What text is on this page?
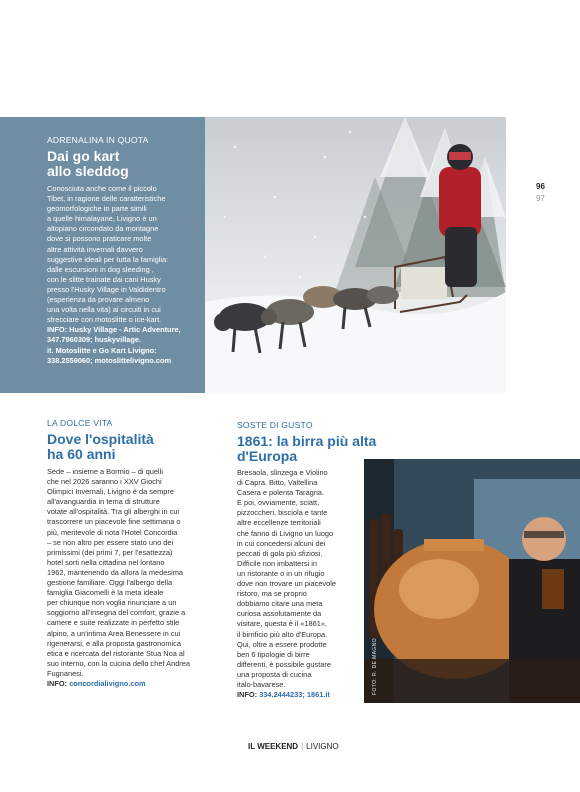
ADRENALINA IN QUOTA
Dai go kart
allo sleddog
Conosciuta anche come il piccolo
Tibet, in ragione delle caratteristiche
geomorfologiche in parte simili
a quelle himalayane, Livigno è un
altopiano circondato da montagne
dove si possono praticare molte
altre attività invernali davvero
suggestive ideali per tutta la famiglia:
dalle escursioni in dog sleeding ,
con le slitte trainate dai cani Husky
presso l'Husky Village in Valdidentro
(esperienza da provare almeno
una volta nella vita) ai circuiti in cui
sfrecciare con motoslitte o ice-kart.
INFO: Husky Village - Artic Adventure,
347.7960309; huskyvillage.
it. Motoslitte e Go Kart Livigno:
338.2559060; motoslittelivigno.com
96
97
LA DOLCE VITA
Dove l'ospitalità
ha 60 anni
Sede – insieme a Bormio – di quelli
che nel 2026 saranno i XXV Giochi
Olimpici Invernali, Livigno è da sempre
all'avanguardia in tema di strutture
votate all'ospitalità. Tra gli alberghi in cui
trascorrere un piacevole fine settimana o
più, meritevole di nota l'Hotel Concordia
– se non altro per essere stato uno dei
primissimi (dei primi 7, per l'esattezza)
hotel sorti nella cittadina nel lontano
1962, mantenendo da allora la medesima
gestione familiare. Oggi l'albergo della
famiglia Giacomelli è la meta ideale
per chiunque non voglia rinunciare a un
soggiorno all'insegna del comfort, grazie a
camere e suite realizzate in perfetto stile
alpino, a un'intima Area Benessere in cui
rigenerarsi, e alla proposta gastronomica
etica e ricercata del ristorante Stua Noa al
suo interno, con la cucina dello chef Andrea
Fugnanesi.
INFO: concordialivigno.com
SOSTE DI GUSTO
1861: la birra più alta d'Europa
Bresaola, slinzega e Violino
di Capra. Bitto, Valtellina
Casera e polenta Taragna.
E poi, ovviamente, sciatt,
pizzoccheri, bisciola e tante
altre eccellenze territoriali
che fanno di Livigno un luogo
in cui concedersi alcuni dei
peccati di gola più sfiziosi.
Difficile non imbattersi in
un ristorante o in un rifugio
dove non trovare un piacevole
ristoro, ma se proprio
dobbiamo citare una meta
curiosa assolutamente da
visitare, questa è il «1861»,
il birrificio più alto d'Europa.
Qui, oltre a essere prodotte
ben 6 tipologie di birre
differenti, è possibile gustare
una proposta di cucina
italo-bavarese.
INFO: 334.2444233; 1861.it	FOTO: R. DE MAGNO
IL WEEKEND | LIVIGNO
